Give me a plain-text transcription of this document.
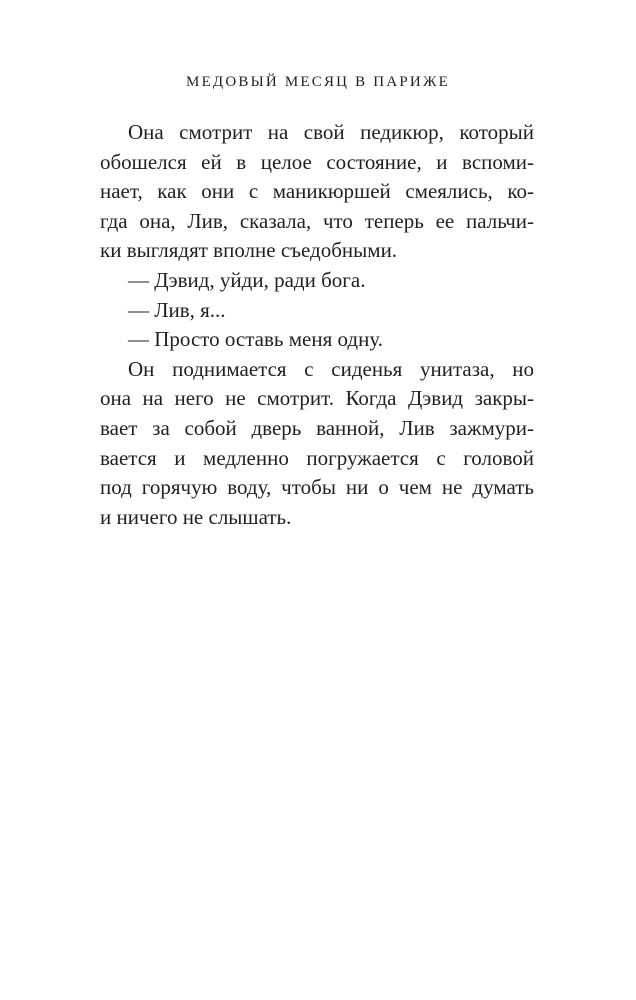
МЕДОВЫЙ МЕСЯЦ В ПАРИЖЕ
Она смотрит на свой педикюр, который
обошелся ей в целое состояние, и вспоми-
нает, как они с маникюршей смеялись, ко-
гда она, Лив, сказала, что теперь ее пальчи-
ки выглядят вполне съедобными.
— Дэвид, уйди, ради бога.
— Лив, я...
— Просто оставь меня одну.
Он поднимается с сиденья унитаза, но
она на него не смотрит. Когда Дэвид закры-
вает за собой дверь ванной, Лив зажмури-
вается и медленно погружается с головой
под горячую воду, чтобы ни о чем не думать
и ничего не слышать.
